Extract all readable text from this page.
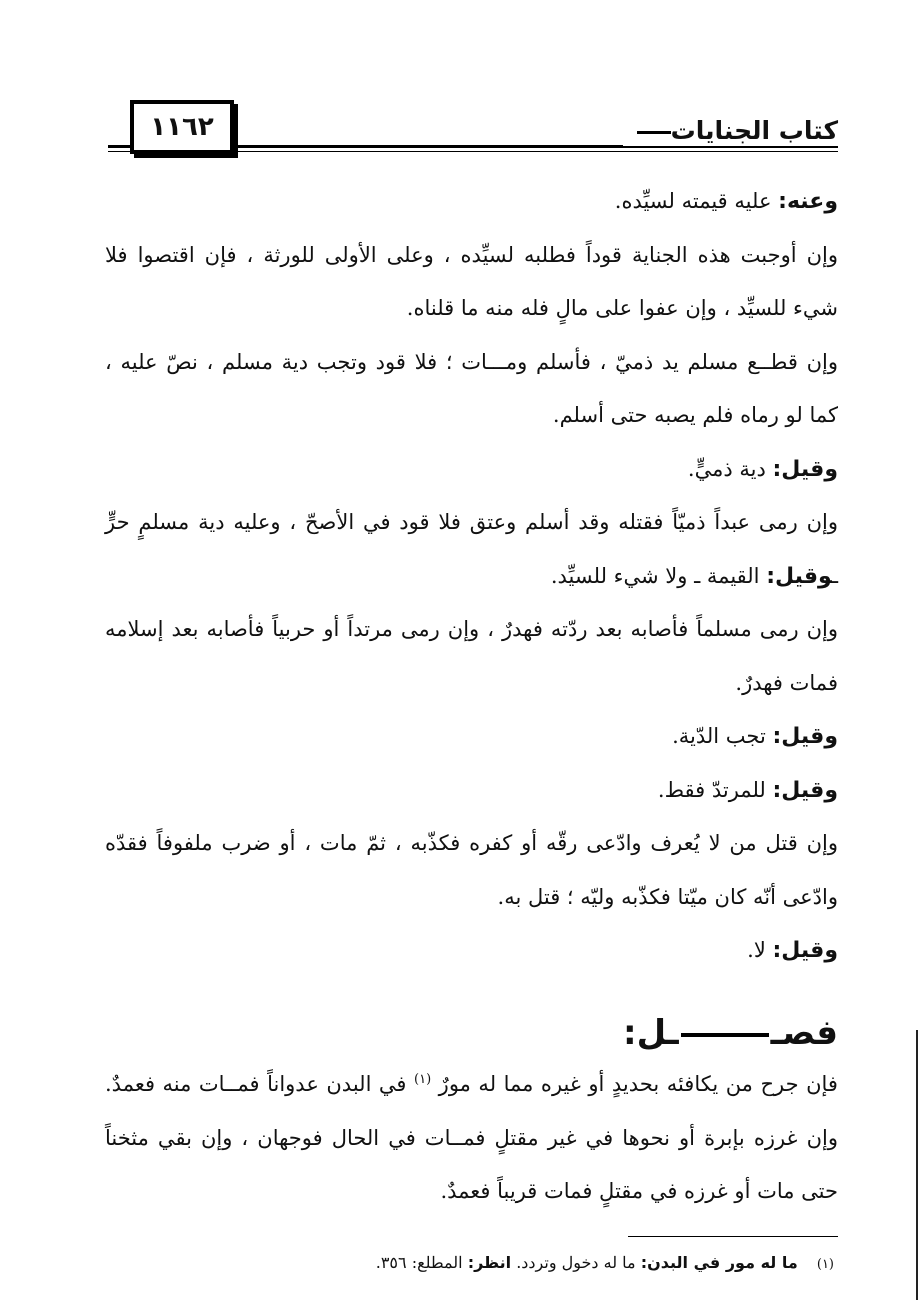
١١٦٢	كتاب الجنايات

وعنه: عليه قيمته لسيِّده.

وإن أوجبت هذه الجناية قوداً فطلبه لسيِّده ، وعلى الأولى للورثة ، فإن اقتصوا فلا شيء للسيِّد ، وإن عفوا على مالٍ فله منه ما قلناه.

وإن قطــع مسلم يد ذميّ ، فأسلم ومـــات ؛ فلا قود وتجب دية مسلم ، نصّ عليه ، كما لو رماه فلم يصبه حتى أسلم.

وقيل: دية ذميٍّ.

وإن رمى عبداً ذميّاً فقتله وقد أسلم وعتق فلا قود في الأصحّ ، وعليه دية مسلمٍ حرٍّ ـوقيل: القيمة ـ ولا شيء للسيِّد.

وإن رمى مسلماً فأصابه بعد ردّته فهدرٌ ، وإن رمى مرتداً أو حربياً فأصابه بعد إسلامه فمات فهدرٌ.

وقيل: تجب الدّية.

وقيل: للمرتدّ فقط.

وإن قتل من لا يُعرف وادّعى رقّه أو كفره فكذّبه ، ثمّ مات ، أو ضرب ملفوفاً فقدّه وادّعى أنّه كان ميّتا فكذّبه وليّه ؛ قتل به.

وقيل: لا.

فصــل:

فإن جرح من يكافئه بحديدٍ أو غيره مما له مورٌ $^{(١)}$ في البدن عدواناً فمــات منه فعمدٌ. وإن غرزه بإبرة أو نحوها في غير مقتلٍ فمــات في الحال فوجهان ، وإن بقي مثخناً حتى مات أو غرزه في مقتلٍ فمات قريباً فعمدٌ.

(١) ما له مور في البدن: ما له دخول وتردد. انظر: المطلع: ٣٥٦.
